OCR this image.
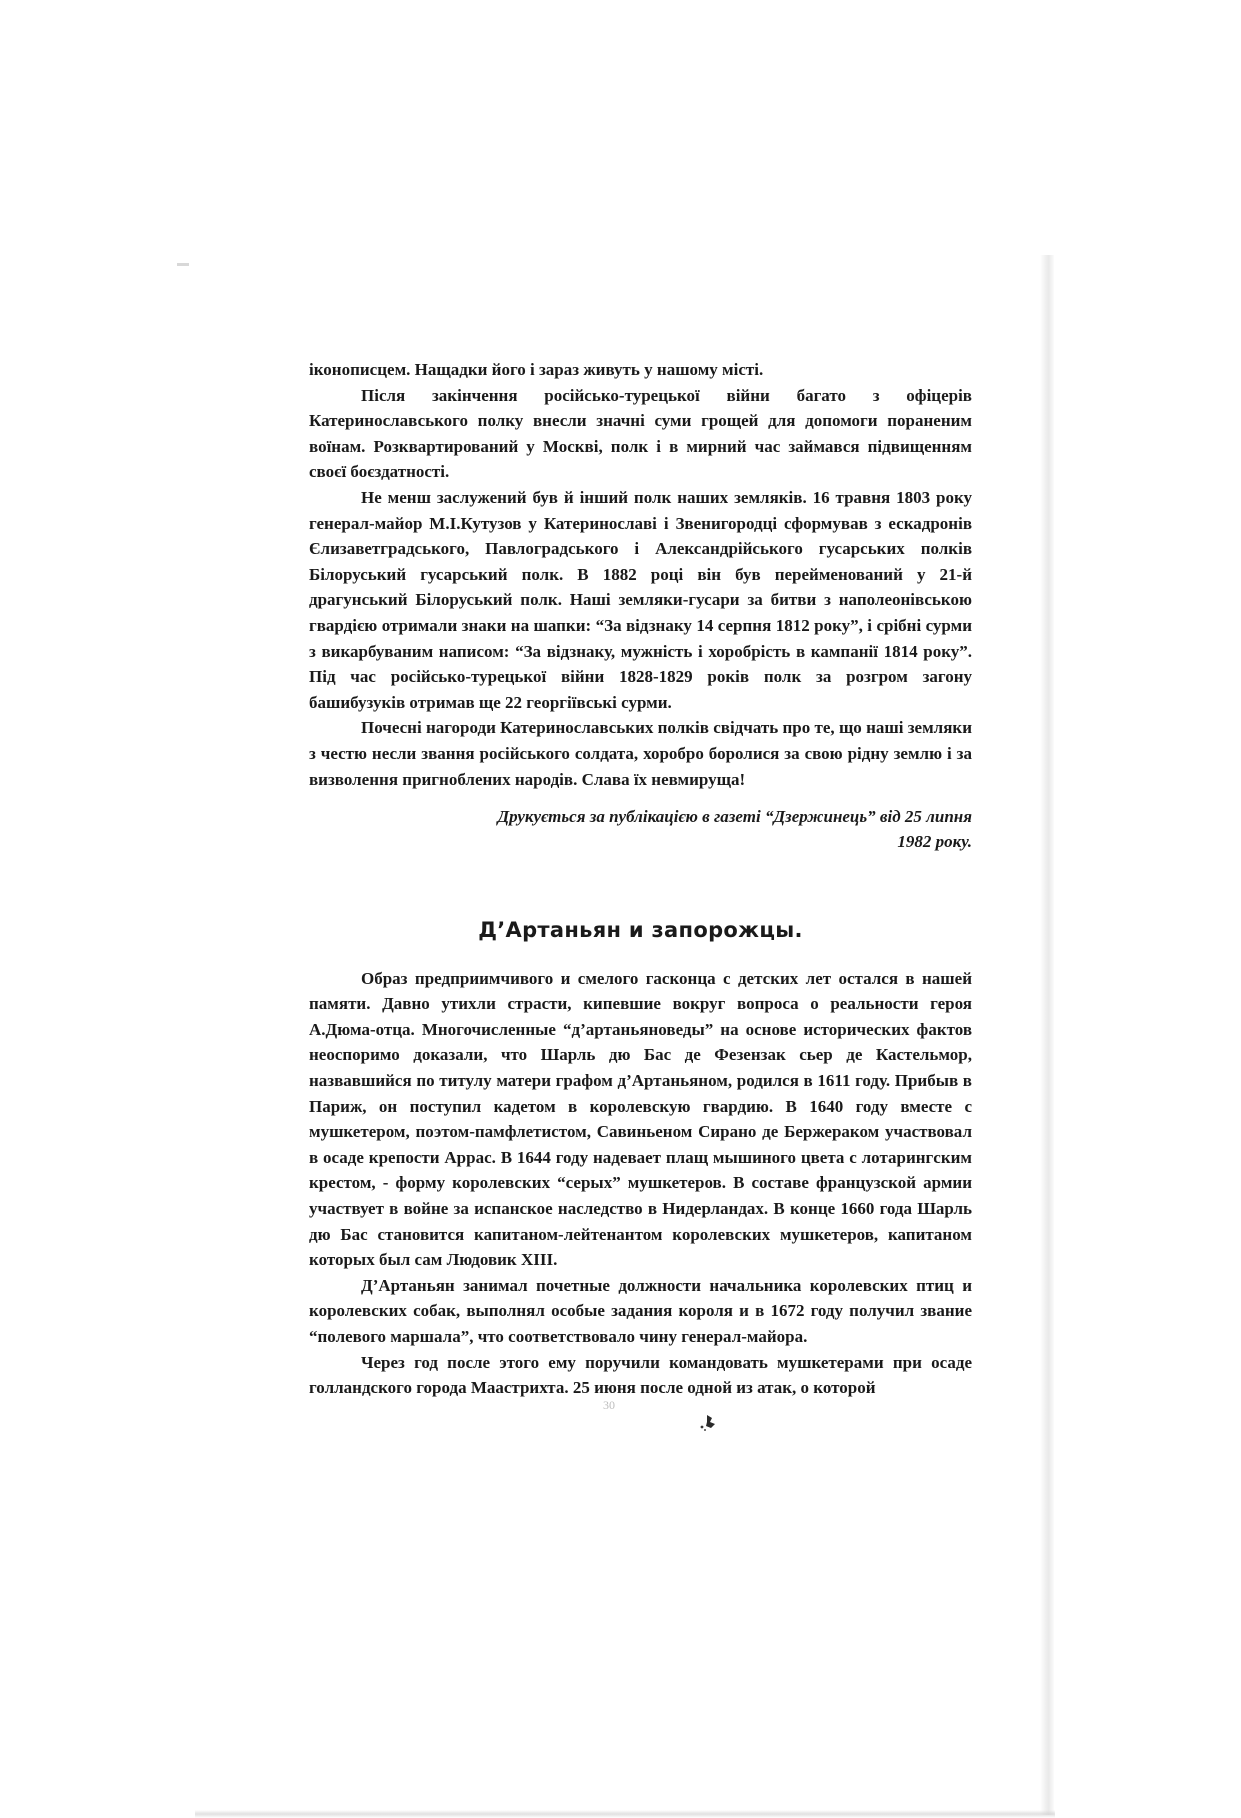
іконописцем. Нащадки його і зараз живуть у нашому місті.

Після закінчення російсько-турецької війни багато з офіцерів Катеринославського полку внесли значні суми грощей для допомоги пораненим воїнам. Розквартирований у Москві, полк і в мирний час займався підвищенням своєї боєздатності.

Не менш заслужений був й інший полк наших земляків. 16 травня 1803 року генерал-майор М.І.Кутузов у Катеринославі і Звенигородці сформував з ескадронів Єлизаветградського, Павлоградського і Александрійського гусарських полків Білоруський гусарський полк. В 1882 році він був перейменований у 21-й драгунський Білоруський полк. Наші земляки-гусари за битви з наполеонівською гвардією отримали знаки на шапки: “За відзнаку 14 серпня 1812 року”, і срібні сурми з викарбуваним написом: “За відзнаку, мужність і хоробрість в кампанії 1814 року”. Під час російсько-турецької війни 1828-1829 років полк за розгром загону башибузуків отримав ще 22 георгіївські сурми.

Почесні нагороди Катеринославських полків свідчать про те, що наші земляки з честю несли звання російського солдата, хоробро боролися за свою рідну землю і за визволення пригноблених народів. Слава їх невмируща!

Друкується за публікацією в газеті “Дзержинець” від 25 липня
1982 року.
Д’Артаньян и запорожцы.

Образ предприимчивого и смелого гасконца с детских лет остался в нашей памяти. Давно утихли страсти, кипевшие вокруг вопроса о реальности героя А.Дюма-отца. Многочисленные “д’артаньяноведы” на основе исторических фактов неоспоримо доказали, что Шарль дю Бас де Фезензак сьер де Кастельмор, назвавшийся по титулу матери графом д’Артаньяном, родился в 1611 году. Прибыв в Париж, он поступил кадетом в королевскую гвардию. В 1640 году вместе с мушкетером, поэтом-памфлетистом, Савиньеном Сирано де Бержераком участвовал в осаде крепости Аррас. В 1644 году надевает плащ мышиного цвета с лотарингским крестом, - форму королевских “серых” мушкетеров. В составе французской армии участвует в войне за испанское наследство в Нидерландах. В конце 1660 года Шарль дю Бас становится капитаном-лейтенантом королевских мушкетеров, капитаном которых был сам Людовик XIII.

Д’Артаньян занимал почетные должности начальника королевских птиц и королевских собак, выполнял особые задания короля и в 1672 году получил звание “полевого маршала”, что соответствовало чину генерал-майора.

Через год после этого ему поручили командовать мушкетерами при осаде голландского города Маастрихта. 25 июня после одной из атак, о которой

30
